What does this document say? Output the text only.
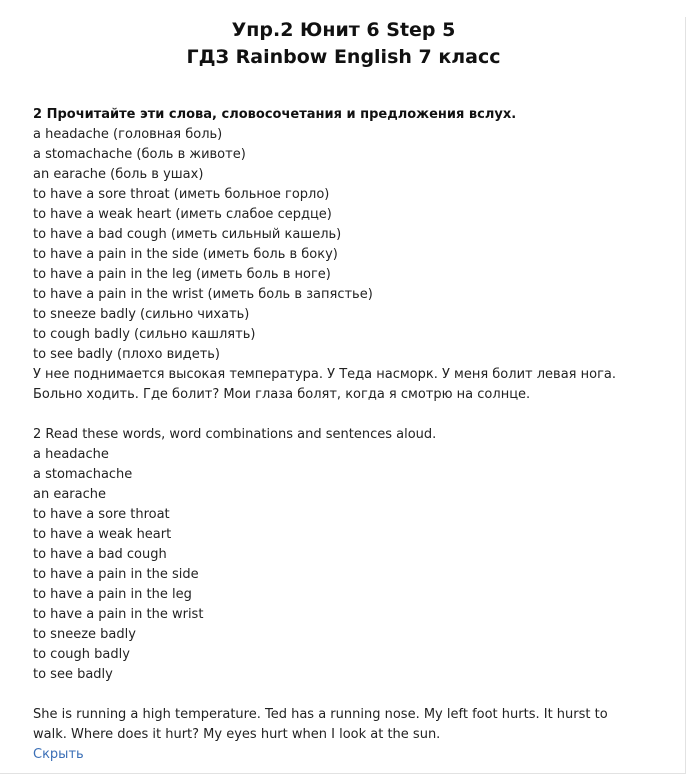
Упр.2 Юнит 6 Step 5
ГДЗ Rainbow English 7 класс
2 Прочитайте эти слова, словосочетания и предложения вслух.
a headache (головная боль)
a stomachache (боль в животе)
an earache (боль в ушах)
to have a sore throat (иметь больное горло)
to have a weak heart (иметь слабое сердце)
to have a bad cough (иметь сильный кашель)
to have a pain in the side (иметь боль в боку)
to have a pain in the leg (иметь боль в ноге)
to have a pain in the wrist (иметь боль в запястье)
to sneeze badly (сильно чихать)
to cough badly (сильно кашлять)
to see badly (плохо видеть)
У нее поднимается высокая температура. У Теда насморк. У меня болит левая нога. Больно ходить. Где болит? Мои глаза болят, когда я смотрю на солнце.
2 Read these words, word combinations and sentences aloud.
a headache
a stomachache
an earache
to have a sore throat
to have a weak heart
to have a bad cough
to have a pain in the side
to have a pain in the leg
to have a pain in the wrist
to sneeze badly
to cough badly
to see badly
She is running a high temperature. Ted has a running nose. My left foot hurts. It hurst to walk. Where does it hurt? My eyes hurt when I look at the sun.
Скрыть
